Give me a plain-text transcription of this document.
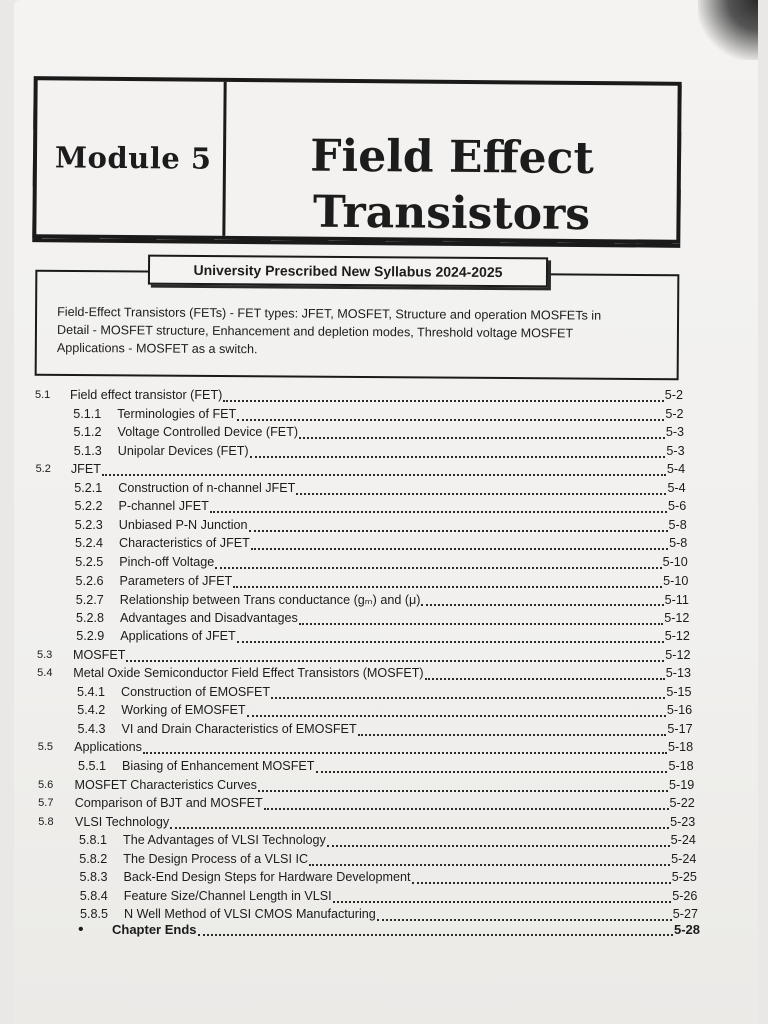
Module 5	Field Effect
Transistors
University Prescribed New Syllabus 2024-2025
Field-Effect Transistors (FETs) - FET types: JFET, MOSFET, Structure and operation MOSFETs in
Detail - MOSFET structure, Enhancement and depletion modes, Threshold voltage MOSFET
Applications - MOSFET as a switch.
5.1 Field effect transistor (FET)	5-2
5.1.1	Terminologies of FET	5-2
5.1.2	Voltage Controlled Device (FET)	5-3
5.1.3	Unipolar Devices (FET)	5-3
5.2 JFET	5-4
5.2.1	Construction of n-channel JFET	5-4
5.2.2	P-channel JFET	5-6
5.2.3	Unbiased P-N Junction	5-8
5.2.4	Characteristics of JFET	5-8
5.2.5	Pinch-off Voltage	5-10
5.2.6	Parameters of JFET	5-10
5.2.7	Relationship between Trans conductance (gₘ) and (μ)	5-11
5.2.8	Advantages and Disadvantages	5-12
5.2.9	Applications of JFET	5-12
5.3 MOSFET	5-12
5.4 Metal Oxide Semiconductor Field Effect Transistors (MOSFET)	5-13
5.4.1	Construction of EMOSFET	5-15
5.4.2	Working of EMOSFET	5-16
5.4.3	VI and Drain Characteristics of EMOSFET	5-17
5.5 Applications	5-18
5.5.1	Biasing of Enhancement MOSFET	5-18
5.6 MOSFET Characteristics Curves	5-19
5.7 Comparison of BJT and MOSFET	5-22
5.8 VLSI Technology	5-23
5.8.1	The Advantages of VLSI Technology	5-24
5.8.2	The Design Process of a VLSI IC	5-24
5.8.3	Back-End Design Steps for Hardware Development	5-25
5.8.4	Feature Size/Channel Length in VLSI	5-26
5.8.5	N Well Method of VLSI CMOS Manufacturing	5-27
• Chapter Ends	5-28
